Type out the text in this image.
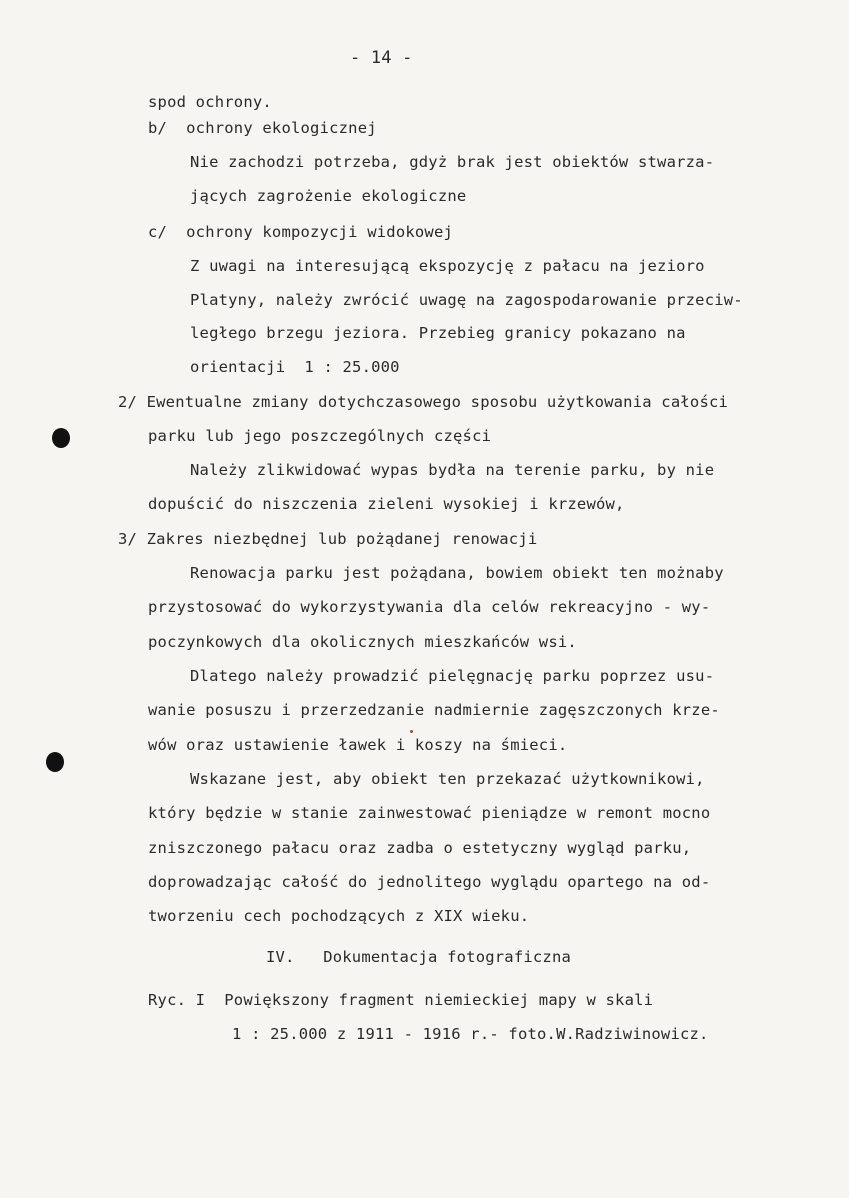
- 14 -
spod ochrony.
b/  ochrony ekologicznej
Nie zachodzi potrzeba, gdyż brak jest obiektów stwarza-
jących zagrożenie ekologiczne
c/  ochrony kompozycji widokowej
Z uwagi na interesującą ekspozycję z pałacu na jezioro
Platyny, należy zwrócić uwagę na zagospodarowanie przeciw-
ległego brzegu jeziora. Przebieg granicy pokazano na
orientacji  1 : 25.000
2/ Ewentualne zmiany dotychczasowego sposobu użytkowania całości
parku lub jego poszczególnych części
Należy zlikwidować wypas bydła na terenie parku, by nie
dopuścić do niszczenia zieleni wysokiej i krzewów,
3/ Zakres niezbędnej lub pożądanej renowacji
Renowacja parku jest pożądana, bowiem obiekt ten możnaby
przystosować do wykorzystywania dla celów rekreacyjno - wy-
poczynkowych dla okolicznych mieszkańców wsi.
Dlatego należy prowadzić pielęgnację parku poprzez usu-
wanie posuszu i przerzedzanie nadmiernie zagęszczonych krze-
wów oraz ustawienie ławek i koszy na śmieci.
Wskazane jest, aby obiekt ten przekazać użytkownikowi,
który będzie w stanie zainwestować pieniądze w remont mocno
zniszczonego pałacu oraz zadba o estetyczny wygląd parku,
doprowadzając całość do jednolitego wyglądu opartego na od-
tworzeniu cech pochodzących z XIX wieku.
IV.   Dokumentacja fotograficzna
Ryc. I  Powiększony fragment niemieckiej mapy w skali
1 : 25.000 z 1911 - 1916 r.- foto.W.Radziwinowicz.
